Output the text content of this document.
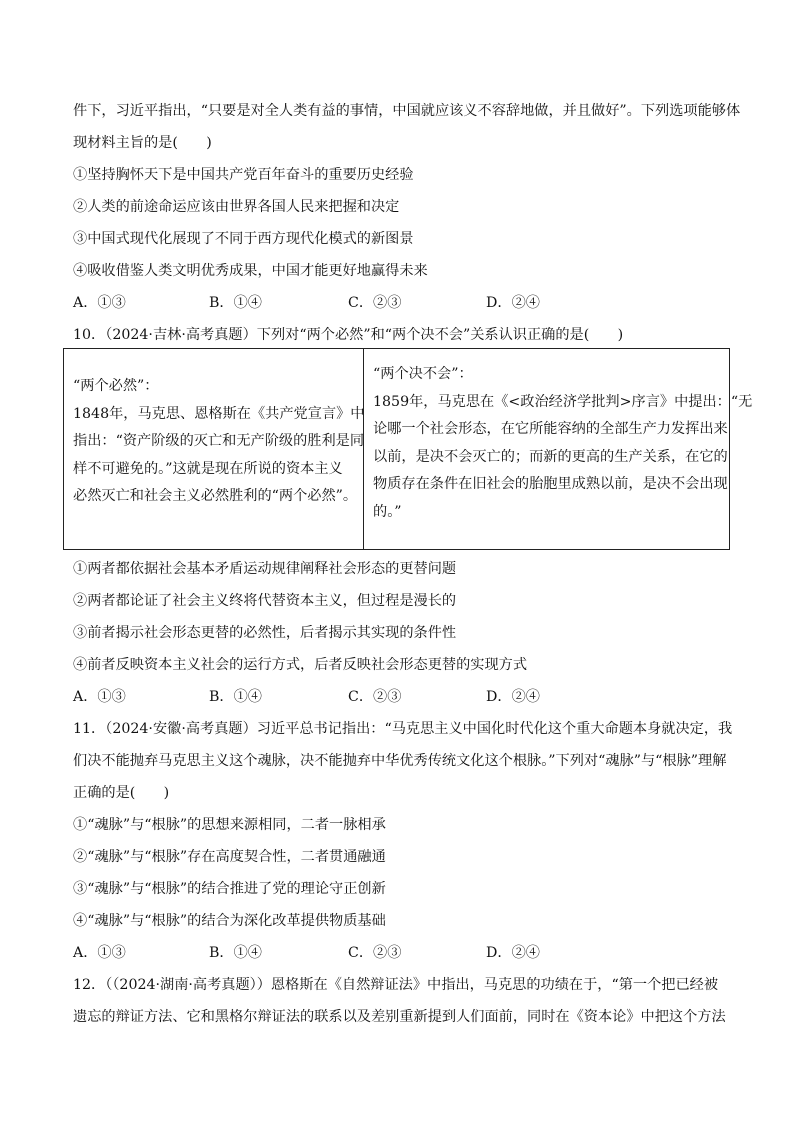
件下，习近平指出，“只要是对全人类有益的事情，中国就应该义不容辞地做，并且做好”。下列选项能够体
现材料主旨的是(　　)
①坚持胸怀天下是中国共产党百年奋斗的重要历史经验
②人类的前途命运应该由世界各国人民来把握和决定
③中国式现代化展现了不同于西方现代化模式的新图景
④吸收借鉴人类文明优秀成果，中国才能更好地赢得未来
A．①③	B．①④	C．②③	D．②④
10．（2024·吉林·高考真题）下列对“两个必然”和“两个决不会”关系认识正确的是(　　)
“两个必然”：
1848年，马克思、恩格斯在《共产党宣言》中
指出：“资产阶级的灭亡和无产阶级的胜利是同
样不可避免的。”这就是现在所说的资本主义
必然灭亡和社会主义必然胜利的“两个必然”。

“两个决不会”：
1859年，马克思在《<政治经济学批判>序言》中提出：“无
论哪一个社会形态，在它所能容纳的全部生产力发挥出来
以前，是决不会灭亡的；而新的更高的生产关系，在它的
物质存在条件在旧社会的胎胞里成熟以前，是决不会出现
的。”
①两者都依据社会基本矛盾运动规律阐释社会形态的更替问题
②两者都论证了社会主义终将代替资本主义，但过程是漫长的
③前者揭示社会形态更替的必然性，后者揭示其实现的条件性
④前者反映资本主义社会的运行方式，后者反映社会形态更替的实现方式
A．①③	B．①④	C．②③	D．②④
11．（2024·安徽·高考真题）习近平总书记指出：“马克思主义中国化时代化这个重大命题本身就决定，我
们决不能抛弃马克思主义这个魂脉，决不能抛弃中华优秀传统文化这个根脉。”下列对“魂脉”与“根脉”理解
正确的是(　　)
①“魂脉”与“根脉”的思想来源相同，二者一脉相承
②“魂脉”与“根脉”存在高度契合性，二者贯通融通
③“魂脉”与“根脉”的结合推进了党的理论守正创新
④“魂脉”与“根脉”的结合为深化改革提供物质基础
A．①③	B．①④	C．②③	D．②④
12．（（2024·湖南·高考真题））恩格斯在《自然辩证法》中指出，马克思的功绩在于，“第一个把已经被
遗忘的辩证方法、它和黑格尔辩证法的联系以及差别重新提到人们面前，同时在《资本论》中把这个方法
